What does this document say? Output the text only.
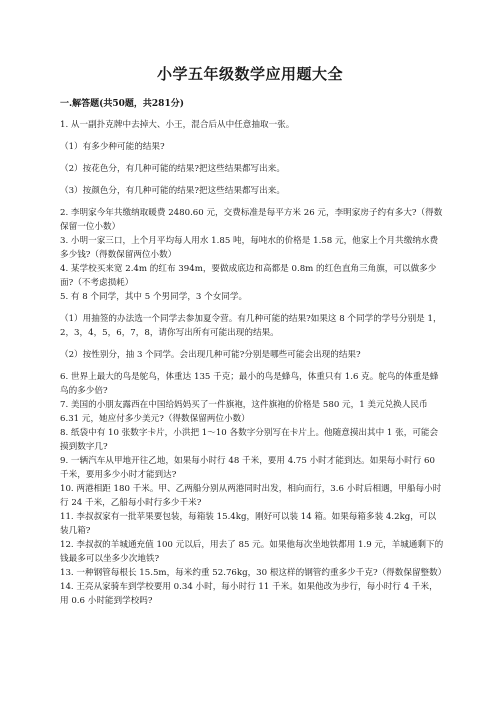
小学五年级数学应用题大全
一.解答题(共50题，共281分)

1. 从一副扑克牌中去掉大、小王，混合后从中任意抽取一张。

（1）有多少种可能的结果?

（2）按花色分，有几种可能的结果?把这些结果都写出来。

（3）按颜色分，有几种可能的结果?把这些结果都写出来。

2. 李明家今年共缴纳取暖费 2480.60 元，交费标准是每平方米 26 元，李明家房子约有多大?（得数保留一位小数）

3. 小明一家三口，上个月平均每人用水 1.85 吨，每吨水的价格是 1.58 元，他家上个月共缴纳水费多少钱?（得数保留两位小数）

4. 某学校买来宽 2.4m 的红布 394m，要做成底边和高都是 0.8m 的红色直角三角旗，可以做多少面?（不考虑损耗）

5. 有 8 个同学，其中 5 个男同学，3 个女同学。

（1）用抽签的办法选一个同学去参加夏令营。有几种可能的结果?如果这 8 个同学的学号分别是 1，2，3，4，5，6，7，8，请你写出所有可能出现的结果。

（2）按性别分，抽 3 个同学。会出现几种可能?分别是哪些可能会出现的结果?

6. 世界上最大的鸟是鸵鸟，体重达 135 千克；最小的鸟是蜂鸟，体重只有 1.6 克。鸵鸟的体重是蜂鸟的多少倍?

7. 美国的小朋友露西在中国给妈妈买了一件旗袍，这件旗袍的价格是 580 元，1 美元兑换人民币 6.31 元，她应付多少美元?（得数保留两位小数）

8. 纸袋中有 10 张数字卡片，小洪把 1～10 各数字分别写在卡片上。他随意摸出其中 1 张，可能会摸到数字几?

9. 一辆汽车从甲地开往乙地，如果每小时行 48 千米，要用 4.75 小时才能到达。如果每小时行 60 千米，要用多少小时才能到达?

10. 两港相距 180 千米。甲、乙两船分别从两港同时出发，相向而行，3.6 小时后相遇，甲船每小时行 24 千米，乙船每小时行多少千米?

11. 李叔叔家有一批苹果要包装，每箱装 15.4kg，刚好可以装 14 箱。如果每箱多装 4.2kg，可以装几箱?

12. 李叔叔的羊城通充值 100 元以后，用去了 85 元。如果他每次坐地铁都用 1.9 元，羊城通剩下的钱最多可以坐多少次地铁?

13. 一种钢管每根长 15.5m，每米约重 52.76kg，30 根这样的钢管约重多少千克?（得数保留整数）

14. 王亮从家骑车到学校要用 0.34 小时，每小时行 11 千米。如果他改为步行，每小时行 4 千米，用 0.6 小时能到学校吗?
